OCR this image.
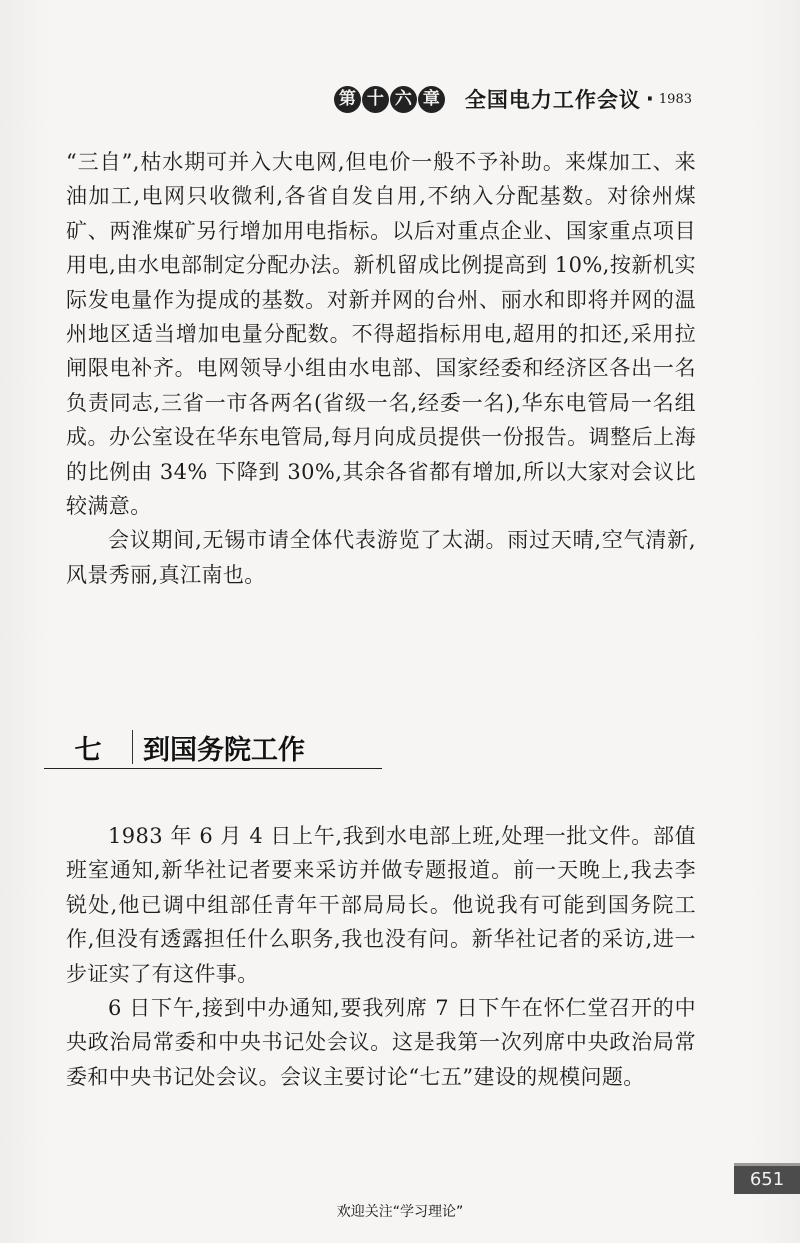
第 十 六 章 全国电力工作会议 · 1983

“三自”,枯水期可并入大电网,但电价一般不予补助。来煤加工、来油加工,电网只收微利,各省自发自用,不纳入分配基数。对徐州煤矿、两淮煤矿另行增加用电指标。以后对重点企业、国家重点项目用电,由水电部制定分配办法。新机留成比例提高到 10%,按新机实际发电量作为提成的基数。对新并网的台州、丽水和即将并网的温州地区适当增加电量分配数。不得超指标用电,超用的扣还,采用拉闸限电补齐。电网领导小组由水电部、国家经委和经济区各出一名负责同志,三省一市各两名(省级一名,经委一名),华东电管局一名组成。办公室设在华东电管局,每月向成员提供一份报告。调整后上海的比例由 34% 下降到 30%,其余各省都有增加,所以大家对会议比较满意。

会议期间,无锡市请全体代表游览了太湖。雨过天晴,空气清新,风景秀丽,真江南也。

七	到国务院工作

1983 年 6 月 4 日上午,我到水电部上班,处理一批文件。部值班室通知,新华社记者要来采访并做专题报道。前一天晚上,我去李锐处,他已调中组部任青年干部局局长。他说我有可能到国务院工作,但没有透露担任什么职务,我也没有问。新华社记者的采访,进一步证实了有这件事。

6 日下午,接到中办通知,要我列席 7 日下午在怀仁堂召开的中央政治局常委和中央书记处会议。这是我第一次列席中央政治局常委和中央书记处会议。会议主要讨论“七五”建设的规模问题。

651
欢迎关注“学习理论”
